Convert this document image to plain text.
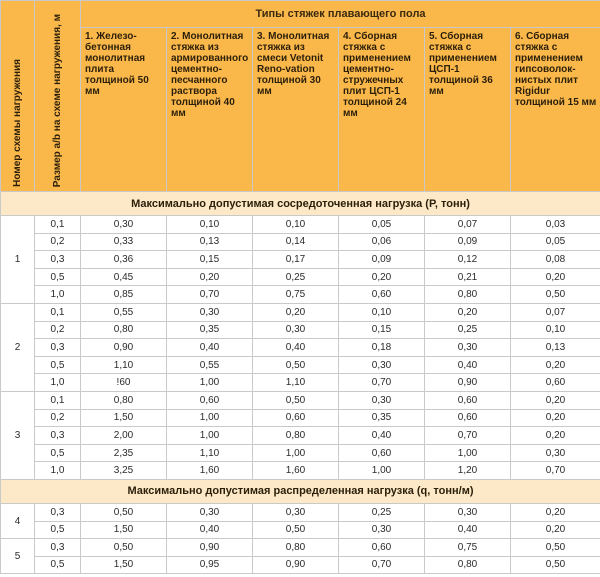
Номер схемы нагружения	Размер a/b на схеме нагружения, м	Типы стяжек плавающего пола					
		1. Железо-бетонная монолитная плита толщиной 50 мм	2. Монолитная стяжка из армированного цементно-песчанного раствора толщиной 40 мм	3. Монолитная стяжка из смеси Vetonit Reno-vation толщиной 30 мм	4. Сборная стяжка с применением цементно-стружечных плит ЦСП-1 толщиной 24 мм	5. Сборная стяжка с применением ЦСП-1 толщиной 36 мм	6. Сборная стяжка с применением гипсоволок-нистых плит Rigidur толщиной 15 мм
Максимально допустимая сосредоточенная нагрузка (P, тонн)							
1	0,1	0,30	0,10	0,10	0,05	0,07	0,03
	0,2	0,33	0,13	0,14	0,06	0,09	0,05
	0,3	0,36	0,15	0,17	0,09	0,12	0,08
	0,5	0,45	0,20	0,25	0,20	0,21	0,20
	1,0	0,85	0,70	0,75	0,60	0,80	0,50
2	0,1	0,55	0,30	0,20	0,10	0,20	0,07
	0,2	0,80	0,35	0,30	0,15	0,25	0,10
	0,3	0,90	0,40	0,40	0,18	0,30	0,13
	0,5	1,10	0,55	0,50	0,30	0,40	0,20
	1,0	!60	1,00	1,10	0,70	0,90	0,60
3	0,1	0,80	0,60	0,50	0,30	0,60	0,20
	0,2	1,50	1,00	0,60	0,35	0,60	0,20
	0,3	2,00	1,00	0,80	0,40	0,70	0,20
	0,5	2,35	1,10	1,00	0,60	1,00	0,30
	1,0	3,25	1,60	1,60	1,00	1,20	0,70
Максимально допустимая распределенная нагрузка (q, тонн/м)							
4	0,3	0,50	0,30	0,30	0,25	0,30	0,20
	0,5	1,50	0,40	0,50	0,30	0,40	0,20
5	0,3	0,50	0,90	0,80	0,60	0,75	0,50
	0,5	1,50	0,95	0,90	0,70	0,80	0,50
